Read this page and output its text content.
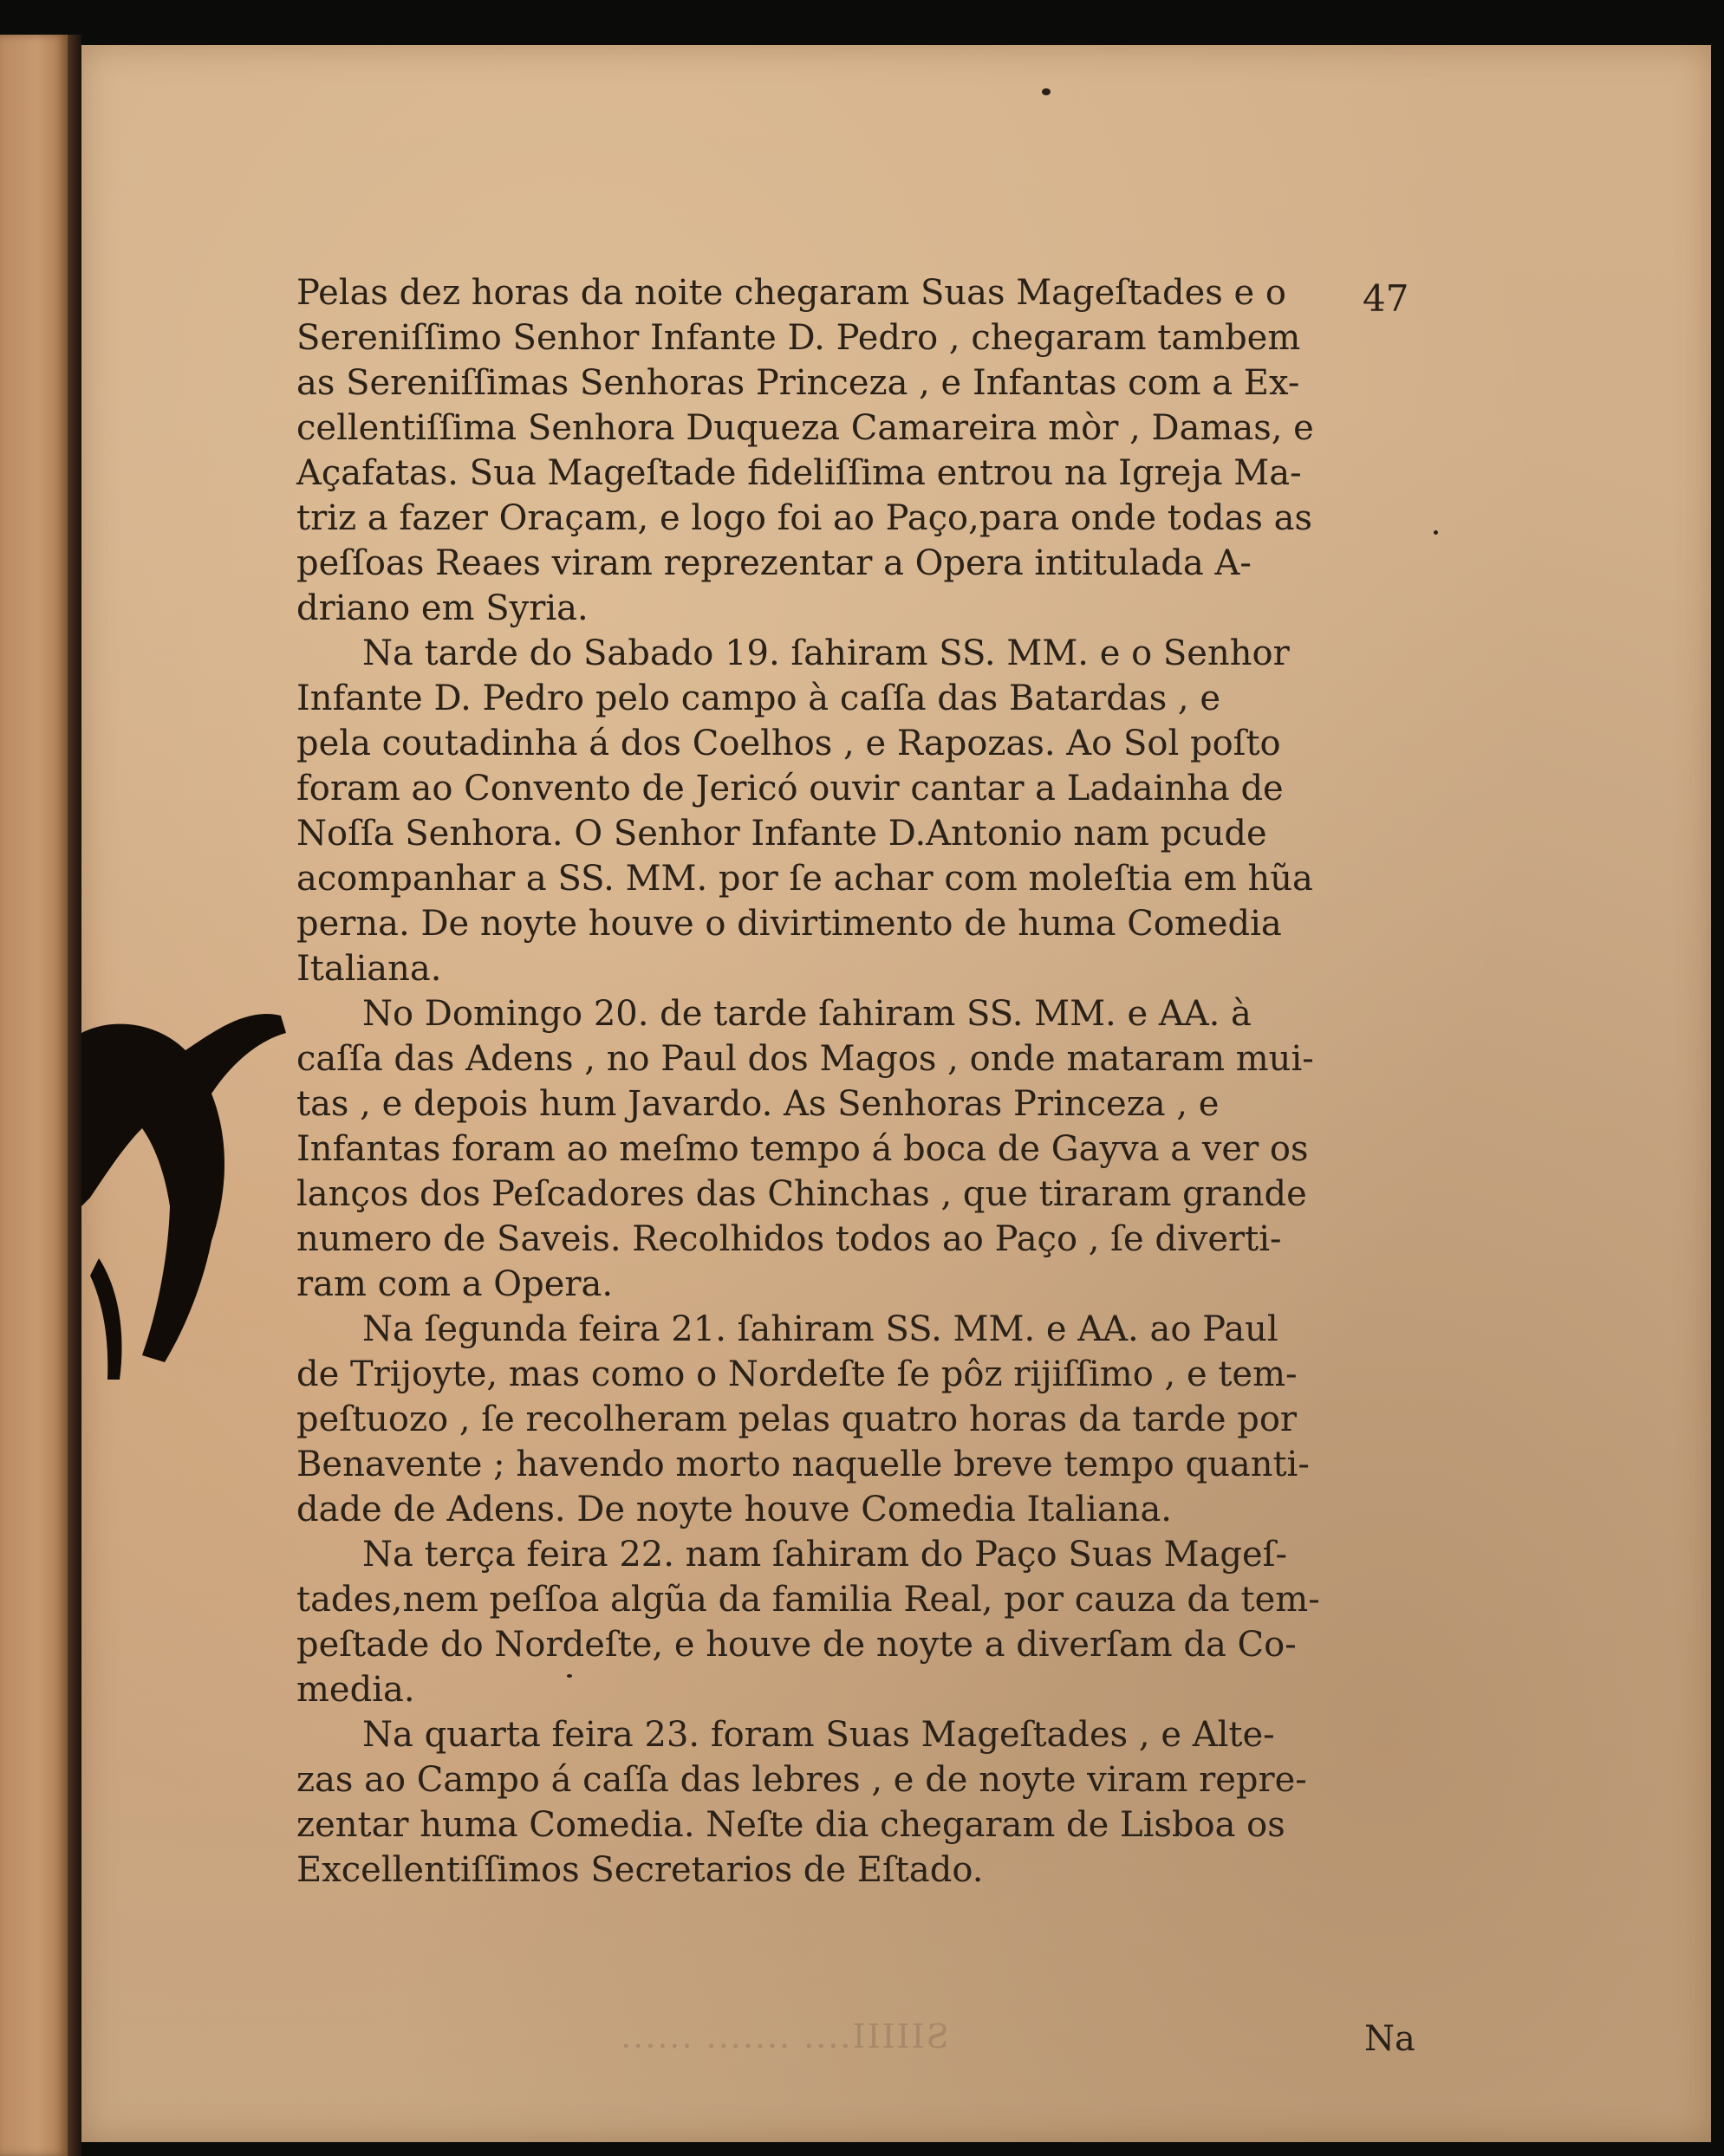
47
Pelas dez horas da noite chegaram Suas Mageſtades e o
Sereniſſimo Senhor Infante D. Pedro , chegaram tambem
as Sereniſſimas Senhoras Princeza , e Infantas com a Ex-
cellentiſſima Senhora Duqueza Camareira mòr , Damas, e
Açafatas. Sua Mageſtade fideliſſima entrou na Igreja Ma-
triz a fazer Oraçam, e logo foi ao Paço,para onde todas as
peſſoas Reaes viram reprezentar a Opera intitulada A-
driano em Syria.
Na tarde do Sabado 19. ſahiram SS. MM. e o Senhor
Infante D. Pedro pelo campo à caſſa das Batardas , e
pela coutadinha á dos Coelhos , e Rapozas. Ao Sol poſto
foram ao Convento de Jericó ouvir cantar a Ladainha de
Noſſa Senhora. O Senhor Infante D.Antonio nam pcude
acompanhar a SS. MM. por ſe achar com moleſtia em hũa
perna. De noyte houve o divirtimento de huma Comedia
Italiana.
No Domingo 20. de tarde ſahiram SS. MM. e AA. à
caſſa das Adens , no Paul dos Magos , onde mataram mui-
tas , e depois hum Javardo. As Senhoras Princeza , e
Infantas foram ao meſmo tempo á boca de Gayva a ver os
lanços dos Peſcadores das Chinchas , que tiraram grande
numero de Saveis. Recolhidos todos ao Paço , ſe diverti-
ram com a Opera.
Na ſegunda feira 21. ſahiram SS. MM. e AA. ao Paul
de Trijoyte, mas como o Nordeſte ſe pôz rijiſſimo , e tem-
peſtuozo , ſe recolheram pelas quatro horas da tarde por
Benavente ; havendo morto naquelle breve tempo quanti-
dade de Adens. De noyte houve Comedia Italiana.
Na terça feira 22. nam ſahiram do Paço Suas Mageſ-
tades,nem peſſoa algũa da familia Real, por cauza da tem-
peſtade do Nordeſte, e houve de noyte a diverſam da Co-
media.
Na quarta feira 23. foram Suas Mageſtades , e Alte-
zas ao Campo á caſſa das lebres , e de noyte viram repre-
zentar huma Comedia. Neſte dia chegaram de Lisboa os
Excellentiſſimos Secretarios de Eſtado.
Na
SIIIII.... ....... ......
